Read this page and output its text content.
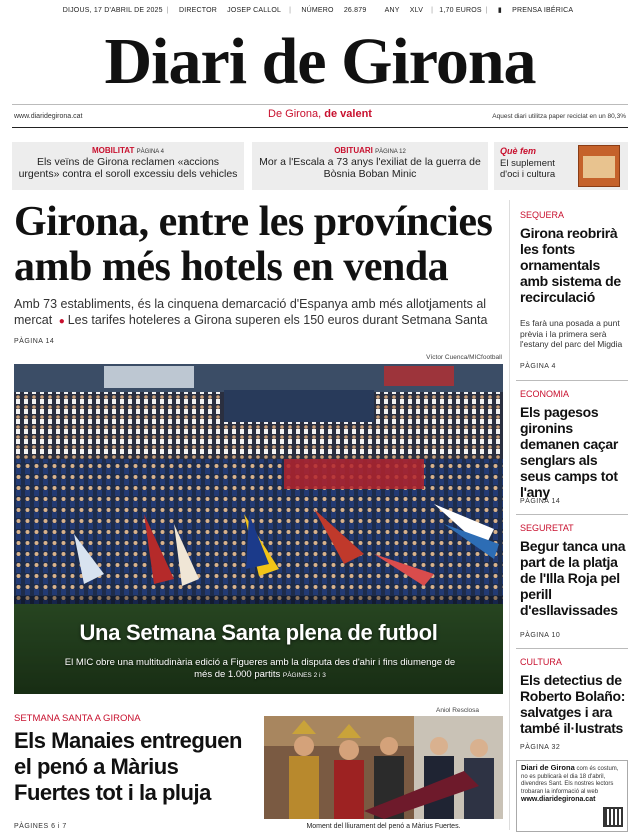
DIJOUS, 17 D'ABRIL DE 2025 | DIRECTOR JOSEP CALLOL | NÚMERO 26.879	ANY XLV | 1,70 EUROS | ▮ PRENSA IBÉRICA
Diari de Girona
www.diaridegirona.cat	De Girona, de valent	Aquest diari utilitza paper reciclat en un 80,3%
MOBILITAT PÀGINA 4
Els veïns de Girona reclamen «accions urgents» contra el soroll excessiu dels vehicles
OBITUARI PÀGINA 12
Mor a l'Escala a 73 anys l'exiliat de la guerra de Bòsnia Boban Minic
Què fem
El suplement d'oci i cultura
Girona, entre les províncies amb més hotels en venda
Amb 73 establiments, és la cinquena demarcació d'Espanya amb més allotjaments al mercat ● Les tarifes hoteleres a Girona superen els 150 euros durant Setmana Santa
PÀGINA 14
Víctor Cuenca/MICfootball
Una Setmana Santa plena de futbol
El MIC obre una multitudinària edició a Figueres amb la disputa des d'ahir i fins diumenge de més de 1.000 partits PÀGINES 2 i 3
SETMANA SANTA A GIRONA
Els Manaies entreguen el penó a Màrius Fuertes tot i la pluja
PÀGINES 6 i 7
Aniol Resclosa
Moment del lliurament del penó a Màrius Fuertes.
SEQUERA
Girona reobrirà les fonts ornamentals amb sistema de recirculació
Es farà una posada a punt prèvia i la primera serà l'estany del parc del Migdia
PÀGINA 4
ECONOMIA
Els pagesos gironins demanen caçar senglars als seus camps tot l'any
PÀGINA 14
SEGURETAT
Begur tanca una part de la platja de l'Illa Roja pel perill d'esllavissades
PÀGINA 10
CULTURA
Els detectius de Roberto Bolaño: salvatges i ara també il·lustrats
PÀGINA 32
Diari de Girona com és costum, no es publicarà el dia 18 d'abril, divendres Sant. Els nostres lectors trobaran la informació al web
www.diaridegirona.cat
